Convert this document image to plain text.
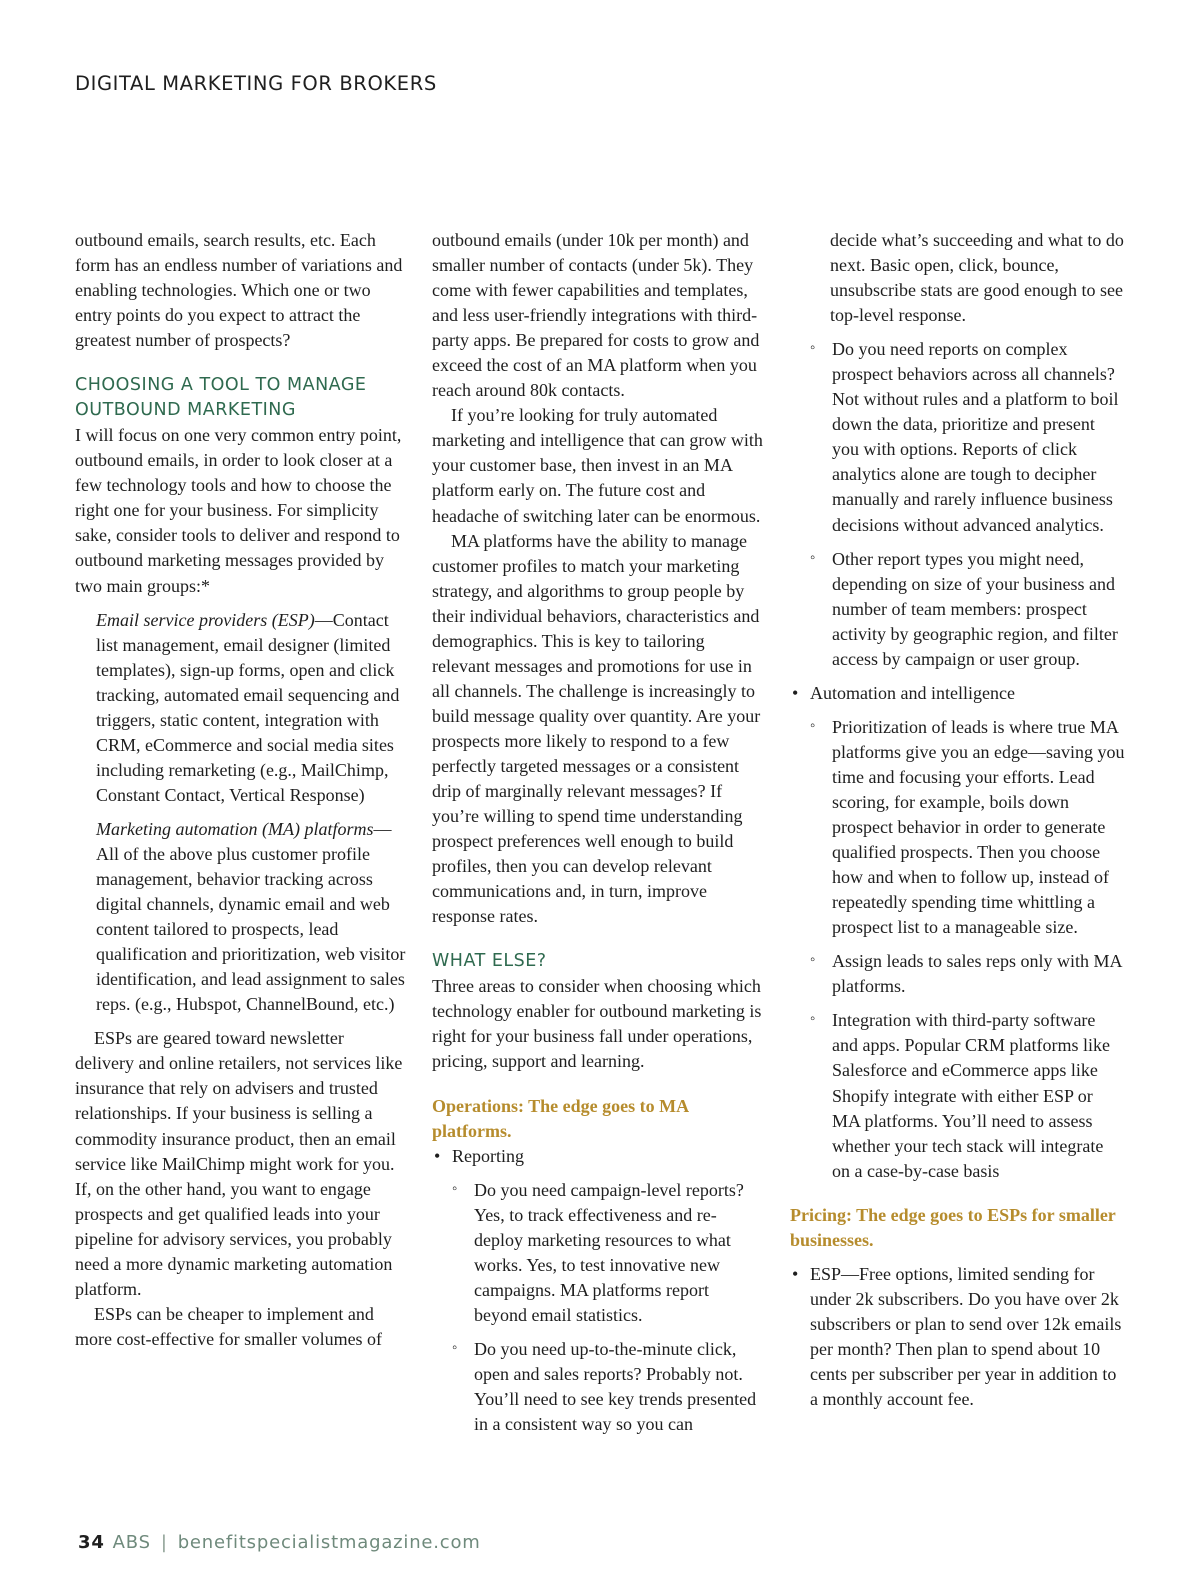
DIGITAL MARKETING FOR BROKERS

outbound emails, search results, etc. Each form has an endless number of variations and enabling technologies. Which one or two entry points do you expect to attract the greatest number of prospects?

CHOOSING A TOOL TO MANAGE OUTBOUND MARKETING

I will focus on one very common entry point, outbound emails, in order to look closer at a few technology tools and how to choose the right one for your business. For simplicity sake, consider tools to deliver and respond to outbound marketing messages provided by two main groups:*

Email service providers (ESP)—Contact list management, email designer (limited templates), sign-up forms, open and click tracking, automated email sequencing and triggers, static content, integration with CRM, eCommerce and social media sites including remarketing (e.g., MailChimp, Constant Contact, Vertical Response)

Marketing automation (MA) platforms—All of the above plus customer profile management, behavior tracking across digital channels, dynamic email and web content tailored to prospects, lead qualification and prioritization, web visitor identification, and lead assignment to sales reps. (e.g., Hubspot, ChannelBound, etc.)

ESPs are geared toward newsletter delivery and online retailers, not services like insurance that rely on advisers and trusted relationships. If your business is selling a commodity insurance product, then an email service like MailChimp might work for you. If, on the other hand, you want to engage prospects and get qualified leads into your pipeline for advisory services, you probably need a more dynamic marketing automation platform.

ESPs can be cheaper to implement and more cost-effective for smaller volumes of

outbound emails (under 10k per month) and smaller number of contacts (under 5k). They come with fewer capabilities and templates, and less user-friendly integrations with third-party apps. Be prepared for costs to grow and exceed the cost of an MA platform when you reach around 80k contacts.

If you’re looking for truly automated marketing and intelligence that can grow with your customer base, then invest in an MA platform early on. The future cost and headache of switching later can be enormous.

MA platforms have the ability to manage customer profiles to match your marketing strategy, and algorithms to group people by their individual behaviors, characteristics and demographics. This is key to tailoring relevant messages and promotions for use in all channels. The challenge is increasingly to build message quality over quantity. Are your prospects more likely to respond to a few perfectly targeted messages or a consistent drip of marginally relevant messages? If you’re willing to spend time understanding prospect preferences well enough to build profiles, then you can develop relevant communications and, in turn, improve response rates.

WHAT ELSE?

Three areas to consider when choosing which technology enabler for outbound marketing is right for your business fall under operations, pricing, support and learning.

Operations: The edge goes to MA platforms.
• Reporting
◦ Do you need campaign-level reports? Yes, to track effectiveness and re-deploy marketing resources to what works. Yes, to test innovative new campaigns. MA platforms report beyond email statistics.
◦ Do you need up-to-the-minute click, open and sales reports? Probably not. You’ll need to see key trends presented in a consistent way so you can

decide what’s succeeding and what to do next. Basic open, click, bounce, unsubscribe stats are good enough to see top-level response.

◦ Do you need reports on complex prospect behaviors across all channels? Not without rules and a platform to boil down the data, prioritize and present you with options. Reports of click analytics alone are tough to decipher manually and rarely influence business decisions without advanced analytics.
◦ Other report types you might need, depending on size of your business and number of team members: prospect activity by geographic region, and filter access by campaign or user group.
• Automation and intelligence
◦ Prioritization of leads is where true MA platforms give you an edge—saving you time and focusing your efforts. Lead scoring, for example, boils down prospect behavior in order to generate qualified prospects. Then you choose how and when to follow up, instead of repeatedly spending time whittling a prospect list to a manageable size.
◦ Assign leads to sales reps only with MA platforms.
◦ Integration with third-party software and apps. Popular CRM platforms like Salesforce and eCommerce apps like Shopify integrate with either ESP or MA platforms. You’ll need to assess whether your tech stack will integrate on a case-by-case basis
Pricing: The edge goes to ESPs for smaller businesses.
• ESP—Free options, limited sending for under 2k subscribers. Do you have over 2k subscribers or plan to send over 12k emails per month? Then plan to spend about 10 cents per subscriber per year in addition to a monthly account fee.
34 ABS | benefitspecialistmagazine.com
